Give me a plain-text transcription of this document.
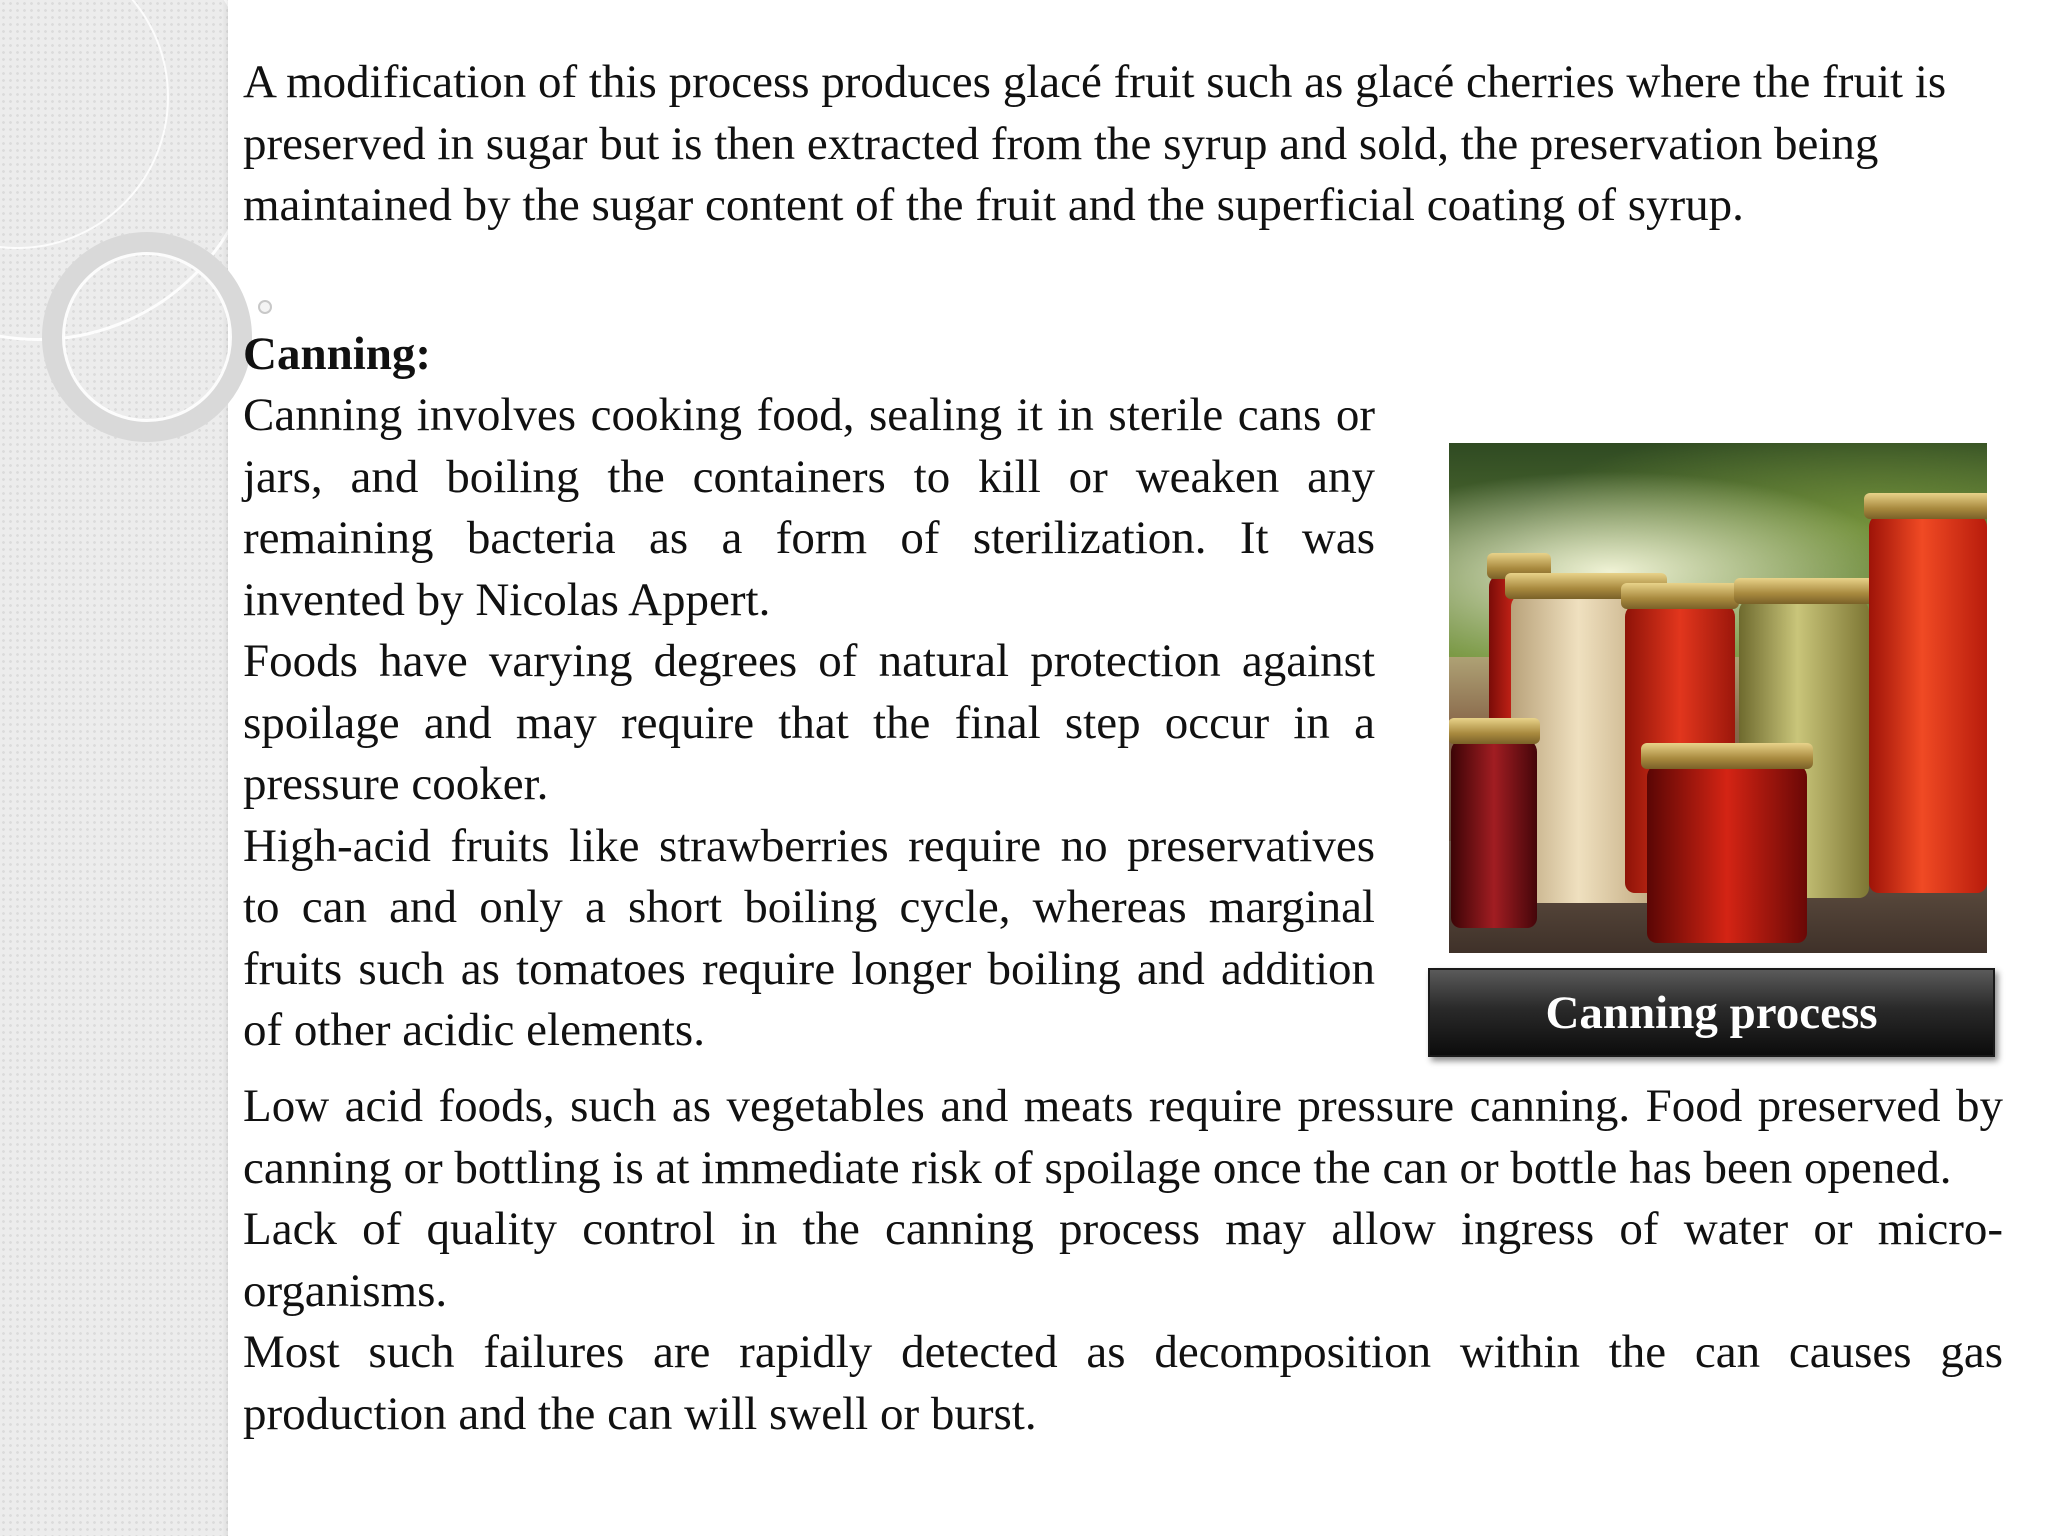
A modification of this process produces glacé fruit such as glacé cherries where the fruit is preserved in sugar but is then extracted from the syrup and sold, the preservation being maintained by the sugar content of the fruit and the superficial coating of syrup.

Canning:

Canning involves cooking food, sealing it in sterile cans or jars, and boiling the containers to kill or weaken any remaining bacteria as a form of sterilization. It was invented by Nicolas Appert.

Foods have varying degrees of natural protection against spoilage and may require that the final step occur in a pressure cooker.

High-acid fruits like strawberries require no preservatives to can and only a short boiling cycle, whereas marginal fruits such as tomatoes require longer boiling and addition of other acidic elements.	Canning process

Low acid foods, such as vegetables and meats require pressure canning. Food preserved by canning or bottling is at immediate risk of spoilage once the can or bottle has been opened.

Lack of quality control in the canning process may allow ingress of water or micro-organisms.

Most such failures are rapidly detected as decomposition within the can causes gas production and the can will swell or burst.
